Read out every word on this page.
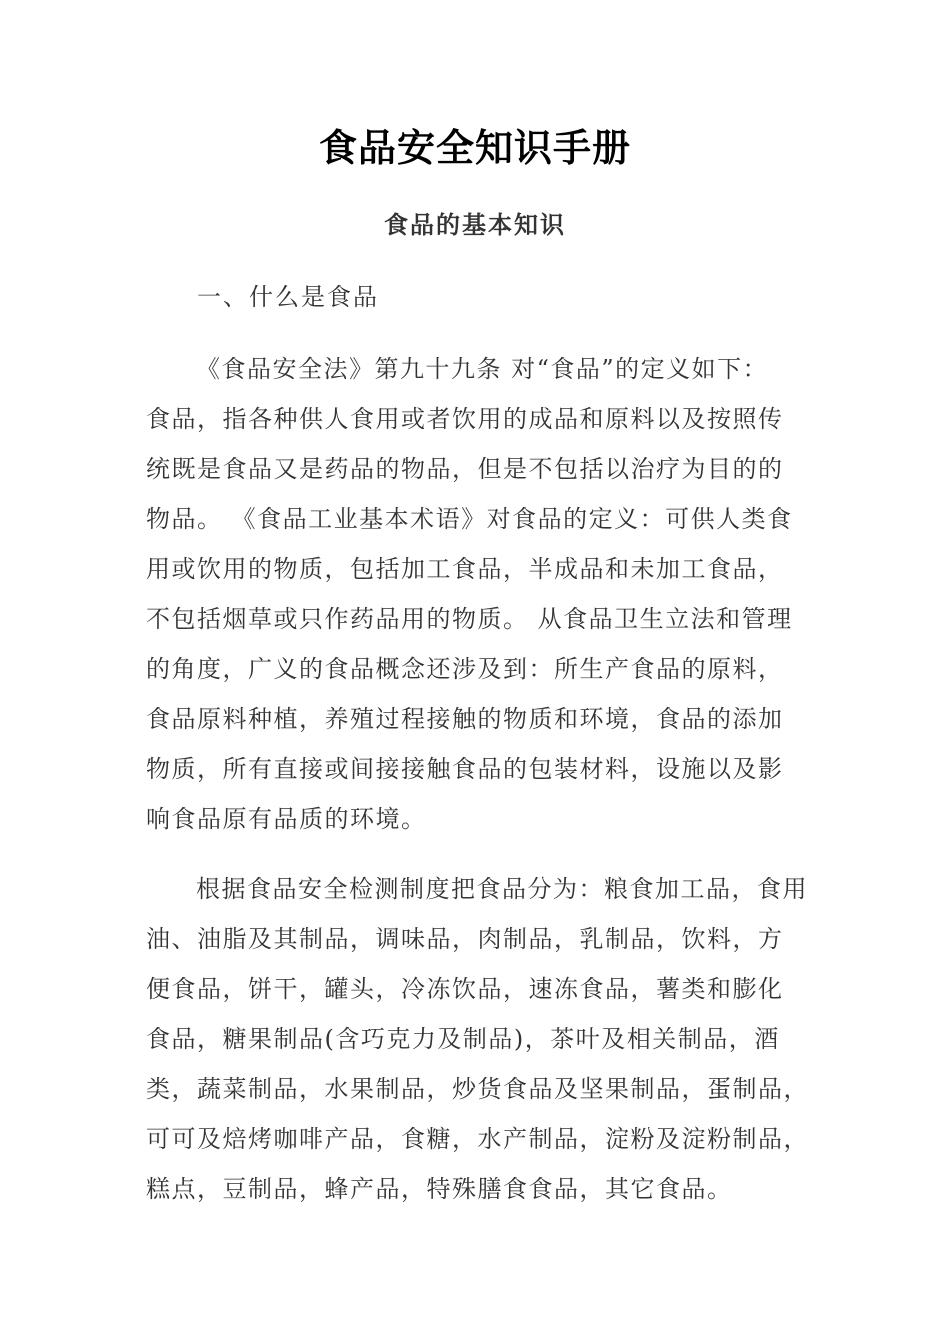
食品安全知识手册
食品的基本知识
一、什么是食品
《食品安全法》第九十九条 对“食品”的定义如下：
食品，指各种供人食用或者饮用的成品和原料以及按照传
统既是食品又是药品的物品，但是不包括以治疗为目的的
物品。 《食品工业基本术语》对食品的定义：可供人类食
用或饮用的物质，包括加工食品，半成品和未加工食品，
不包括烟草或只作药品用的物质。 从食品卫生立法和管理
的角度，广义的食品概念还涉及到：所生产食品的原料，
食品原料种植，养殖过程接触的物质和环境，食品的添加
物质，所有直接或间接接触食品的包装材料，设施以及影
响食品原有品质的环境。
根据食品安全检测制度把食品分为：粮食加工品，食用
油、油脂及其制品，调味品，肉制品，乳制品，饮料，方
便食品，饼干，罐头，冷冻饮品，速冻食品，薯类和膨化
食品，糖果制品(含巧克力及制品)，茶叶及相关制品，酒
类，蔬菜制品，水果制品，炒货食品及坚果制品，蛋制品，
可可及焙烤咖啡产品，食糖，水产制品，淀粉及淀粉制品，
糕点，豆制品，蜂产品，特殊膳食食品，其它食品。
